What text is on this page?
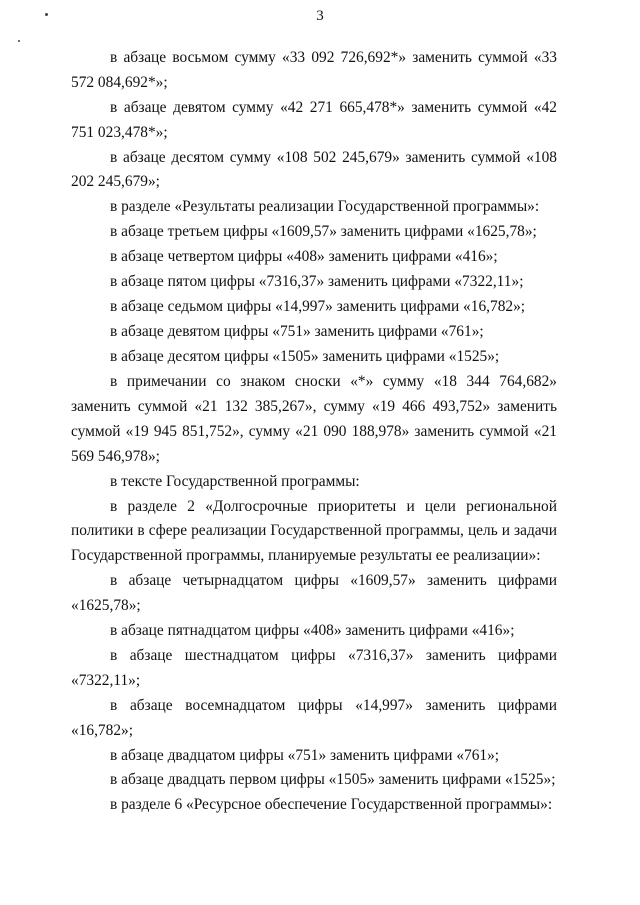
3

в абзаце восьмом сумму «33 092 726,692*» заменить суммой «33 572 084,692*»;

в абзаце девятом сумму «42 271 665,478*» заменить суммой «42 751 023,478*»;

в абзаце десятом сумму «108 502 245,679» заменить суммой «108 202 245,679»;

в разделе «Результаты реализации Государственной программы»:

в абзаце третьем цифры «1609,57» заменить цифрами «1625,78»;

в абзаце четвертом цифры «408» заменить цифрами «416»;

в абзаце пятом цифры «7316,37» заменить цифрами «7322,11»;

в абзаце седьмом цифры «14,997» заменить цифрами «16,782»;

в абзаце девятом цифры «751» заменить цифрами «761»;

в абзаце десятом цифры «1505» заменить цифрами «1525»;

в примечании со знаком сноски «*» сумму «18 344 764,682» заменить суммой «21 132 385,267», сумму «19 466 493,752» заменить суммой «19 945 851,752», сумму «21 090 188,978» заменить суммой «21 569 546,978»;

в тексте Государственной программы:

в разделе 2 «Долгосрочные приоритеты и цели региональной политики в сфере реализации Государственной программы, цель и задачи Государственной программы, планируемые результаты ее реализации»:

в абзаце четырнадцатом цифры «1609,57» заменить цифрами «1625,78»;

в абзаце пятнадцатом цифры «408» заменить цифрами «416»;

в абзаце шестнадцатом цифры «7316,37» заменить цифрами «7322,11»;

в абзаце восемнадцатом цифры «14,997» заменить цифрами «16,782»;

в абзаце двадцатом цифры «751» заменить цифрами «761»;

в абзаце двадцать первом цифры «1505» заменить цифрами «1525»;

в разделе 6 «Ресурсное обеспечение Государственной программы»:
